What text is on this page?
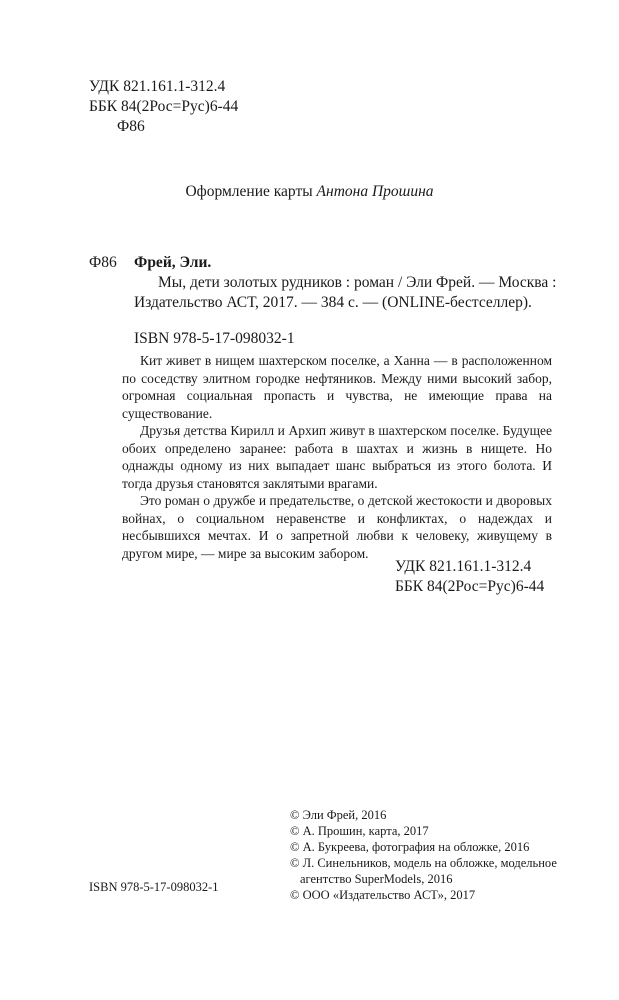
УДК 821.161.1-312.4
ББК 84(2Рос=Рус)6-44
Ф86
Оформление карты Антона Прошина
Ф86 Фрей, Эли.
Мы, дети золотых рудников : роман / Эли Фрей. — Москва :
Издательство АСТ, 2017. — 384 с. — (ONLINE-бестселлер).
ISBN 978-5-17-098032-1

Кит живет в нищем шахтерском поселке, а Ханна — в расположенном по соседству элитном городке нефтяников. Между ними высокий забор, огромная социальная пропасть и чувства, не имеющие права на существование.

Друзья детства Кирилл и Архип живут в шахтерском поселке. Будущее обоих определено заранее: работа в шахтах и жизнь в нищете. Но однажды одному из них выпадает шанс выбраться из этого болота. И тогда друзья становятся заклятыми врагами.

Это роман о дружбе и предательстве, о детской жестокости и дворовых войнах, о социальном неравенстве и конфликтах, о надеждах и несбывшихся мечтах. И о запретной любви к человеку, живущему в другом мире, — мире за высоким забором.

УДК 821.161.1-312.4
ББК 84(2Рос=Рус)6-44
© Эли Фрей, 2016
© А. Прошин, карта, 2017
© А. Букреева, фотография на обложке, 2016
© Л. Синельников, модель на обложке, модельное агентство SuperModels, 2016
© ООО «Издательство АСТ», 2017
ISBN 978-5-17-098032-1
